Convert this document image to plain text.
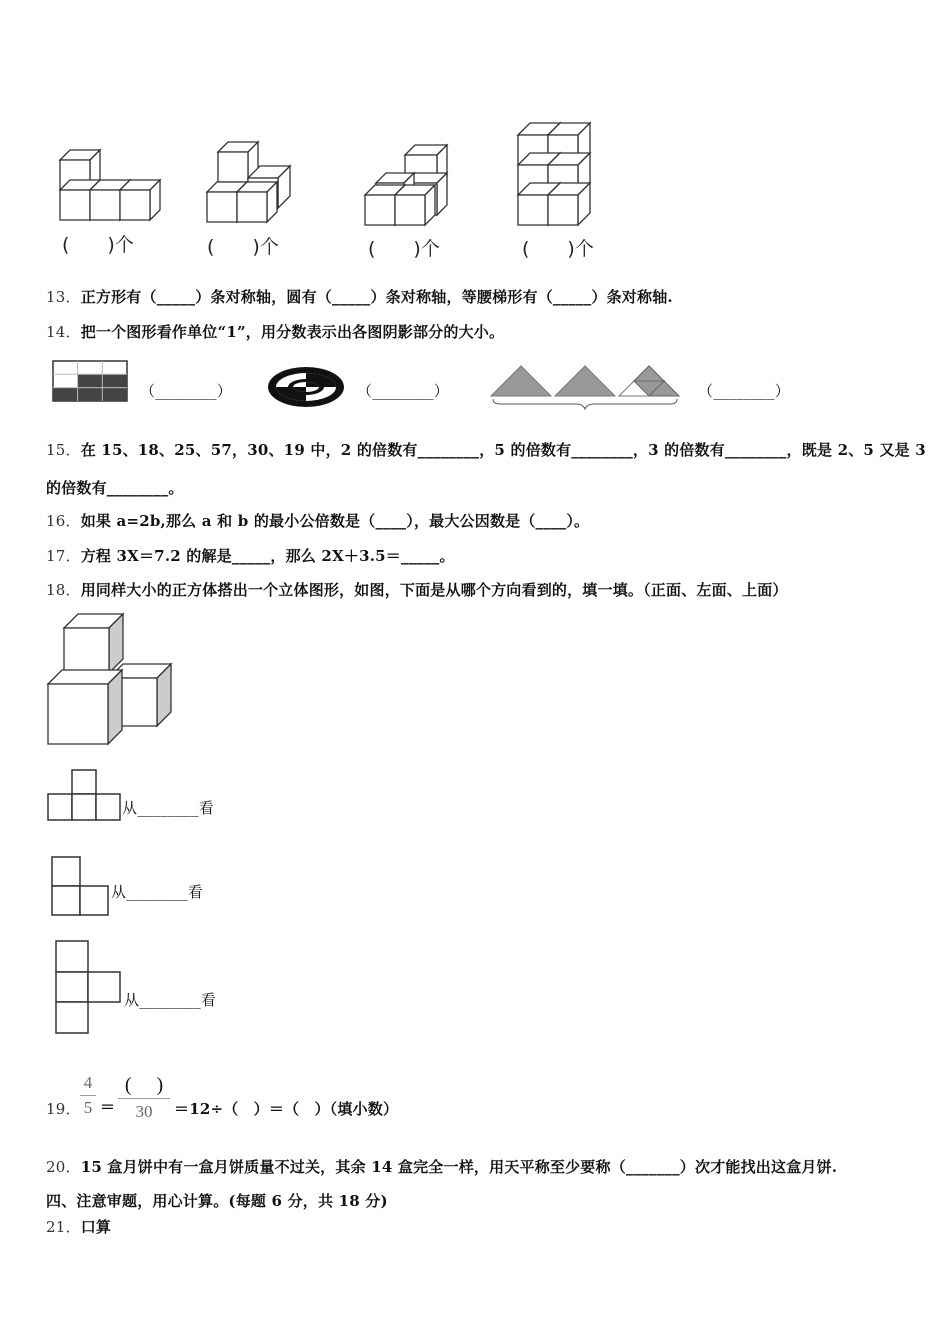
(　　)个	(　　)个	(　　)个	(　　)个
13．正方形有（_____）条对称轴，圆有（_____）条对称轴，等腰梯形有（_____）条对称轴.
14．把一个图形看作单位“1”，用分数表示出各图阴影部分的大小。
（________）	（________）	（________）
15．在 15、18、25、57，30、19 中，2 的倍数有________，5 的倍数有________，3 的倍数有________，既是 2、5 又是 3
的倍数有________。
16．如果 a=2b,那么 a 和 b 的最小公倍数是（____），最大公因数是（____）。
17．方程 3X＝7.2 的解是_____，那么 2X＋3.5＝_____。
18．用同样大小的正方体搭出一个立体图形，如图，下面是从哪个方向看到的，填一填。（正面、左面、上面）
从________看
从________看
从________看
19．
4
5 ＝
(　 )
30	＝12÷（　）＝（　）（填小数）
20．15 盒月饼中有一盒月饼质量不过关，其余 14 盒完全一样，用天平称至少要称（_______）次才能找出这盒月饼.
四、注意审题，用心计算。(每题 6 分，共 18 分)
21．口算
